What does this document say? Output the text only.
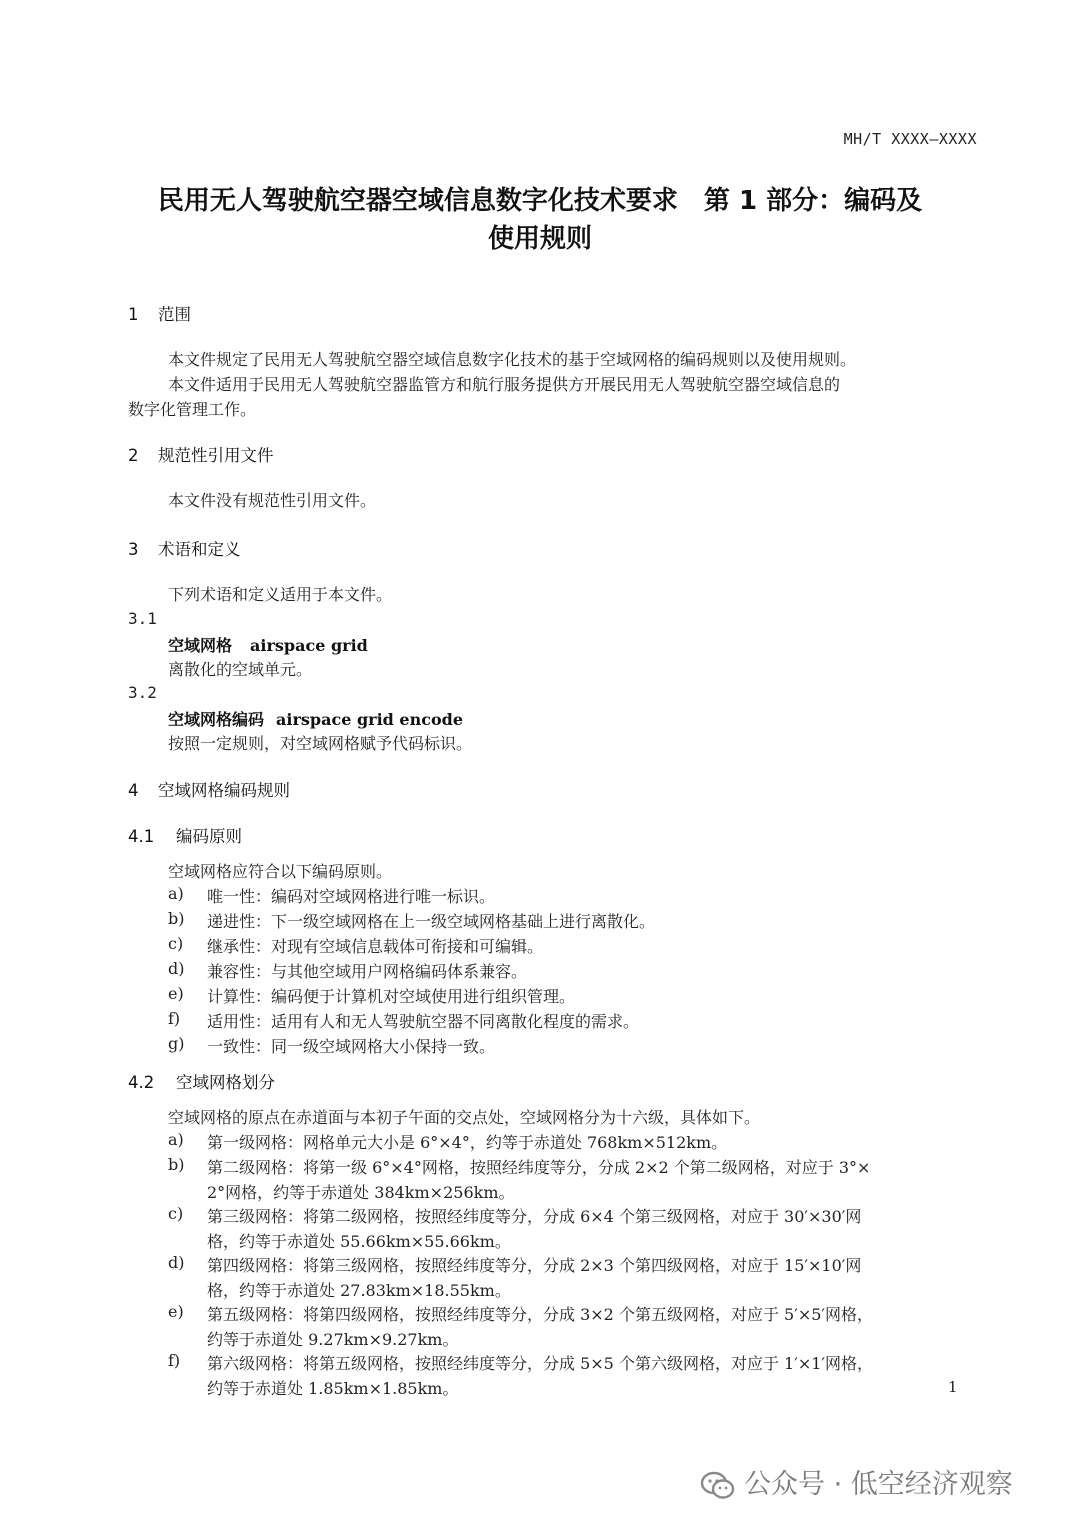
MH/T XXXX—XXXX
民用无人驾驶航空器空域信息数字化技术要求　第 1 部分：编码及
使用规则
1 范围
本文件规定了民用无人驾驶航空器空域信息数字化技术的基于空域网格的编码规则以及使用规则。
本文件适用于民用无人驾驶航空器监管方和航行服务提供方开展民用无人驾驶航空器空域信息的
数字化管理工作。
2 规范性引用文件
本文件没有规范性引用文件。
3 术语和定义
下列术语和定义适用于本文件。
3.1
空域网格 airspace grid
离散化的空域单元。
3.2
空域网格编码 airspace grid encode
按照一定规则，对空域网格赋予代码标识。
4 空域网格编码规则
4.1 编码原则
空域网格应符合以下编码原则。
a) 唯一性：编码对空域网格进行唯一标识。
b) 递进性：下一级空域网格在上一级空域网格基础上进行离散化。
c) 继承性：对现有空域信息载体可衔接和可编辑。
d) 兼容性：与其他空域用户网格编码体系兼容。
e) 计算性：编码便于计算机对空域使用进行组织管理。
f) 适用性：适用有人和无人驾驶航空器不同离散化程度的需求。
g) 一致性：同一级空域网格大小保持一致。
4.2 空域网格划分
空域网格的原点在赤道面与本初子午面的交点处，空域网格分为十六级，具体如下。
a) 第一级网格：网格单元大小是 6°×4°，约等于赤道处 768km×512km。
b) 第二级网格：将第一级 6°×4°网格，按照经纬度等分，分成 2×2 个第二级网格，对应于 3°×
2°网格，约等于赤道处 384km×256km。
c) 第三级网格：将第二级网格，按照经纬度等分，分成 6×4 个第三级网格，对应于 30′×30′网
格，约等于赤道处 55.66km×55.66km。
d) 第四级网格：将第三级网格，按照经纬度等分，分成 2×3 个第四级网格，对应于 15′×10′网
格，约等于赤道处 27.83km×18.55km。
e) 第五级网格：将第四级网格，按照经纬度等分，分成 3×2 个第五级网格，对应于 5′×5′网格，
约等于赤道处 9.27km×9.27km。
f) 第六级网格：将第五级网格，按照经纬度等分，分成 5×5 个第六级网格，对应于 1′×1′网格，
约等于赤道处 1.85km×1.85km。	1
公众号 · 低空经济观察
